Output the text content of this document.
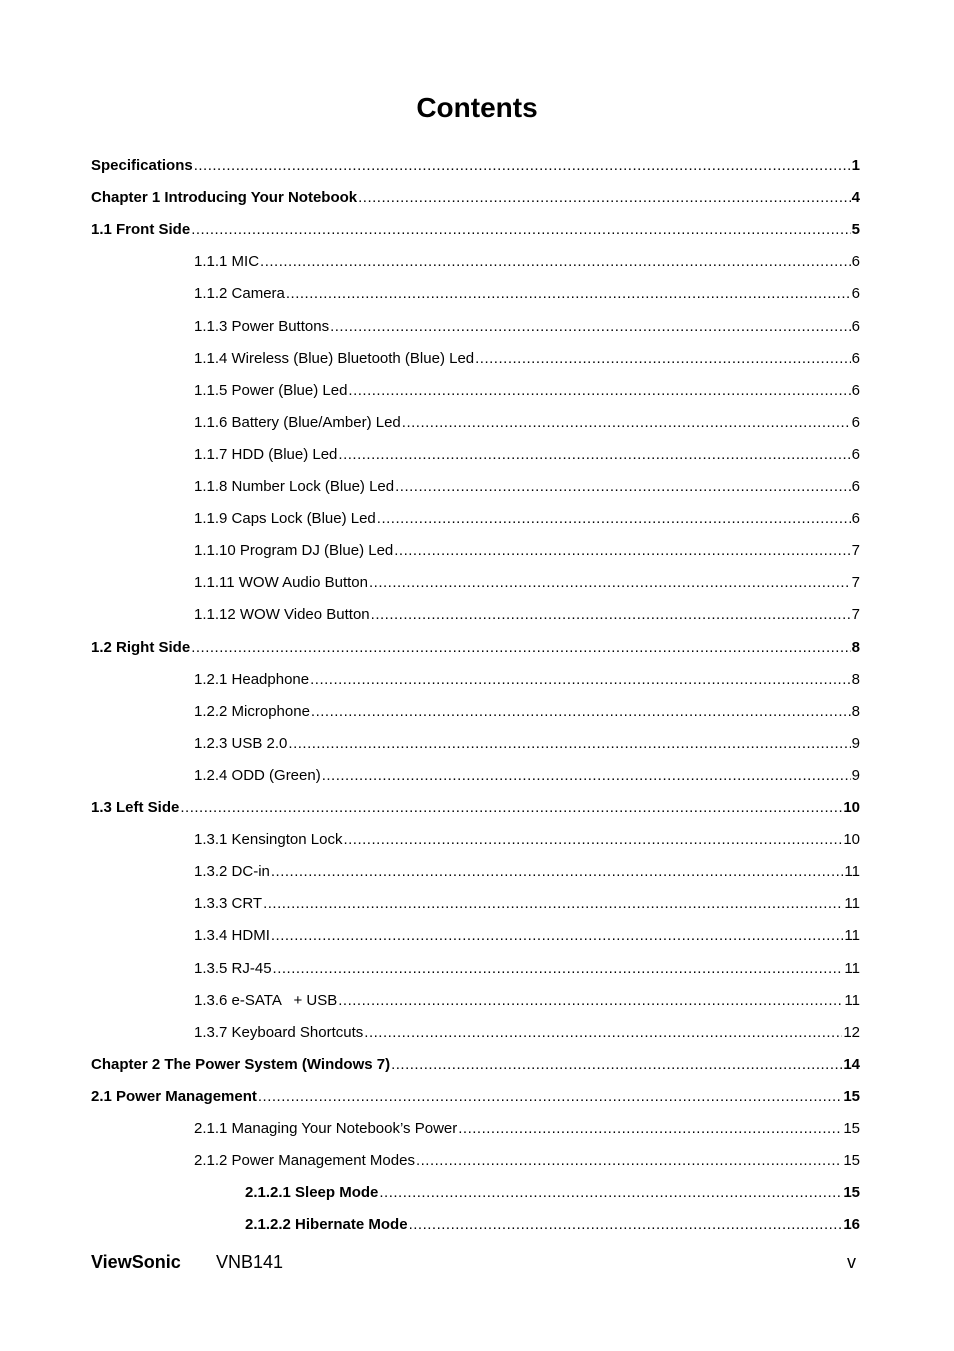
Contents
Specifications .....	1
Chapter 1 Introducing Your Notebook .....	4
1.1 Front Side .....	5
1.1.1 MIC .....	6
1.1.2 Camera .....	6
1.1.3 Power Buttons .....	6
1.1.4 Wireless (Blue) Bluetooth (Blue) Led .....	6
1.1.5 Power (Blue) Led .....	6
1.1.6 Battery (Blue/Amber) Led .....	6
1.1.7 HDD (Blue) Led .....	6
1.1.8 Number Lock (Blue) Led .....	6
1.1.9 Caps Lock (Blue) Led .....	6
1.1.10 Program DJ (Blue) Led .....	7
1.1.11 WOW Audio Button .....	7
1.1.12 WOW Video Button .....	7
1.2 Right Side .....	8
1.2.1 Headphone .....	8
1.2.2 Microphone .....	8
1.2.3 USB 2.0 .....	9
1.2.4 ODD (Green) .....	9
1.3 Left Side .....	10
1.3.1 Kensington Lock .....	10
1.3.2 DC-in .....	11
1.3.3 CRT .....	11
1.3.4 HDMI .....	11
1.3.5 RJ-45 .....	11
1.3.6 e-SATA   + USB .....	11
1.3.7 Keyboard Shortcuts .....	12
Chapter 2 The Power System (Windows 7) .....	14
2.1 Power Management .....	15
2.1.1 Managing Your Notebook’s Power .....	15
2.1.2 Power Management Modes .....	15
2.1.2.1 Sleep Mode .....	15
2.1.2.2 Hibernate Mode .....	16
ViewSonic VNB141	v
